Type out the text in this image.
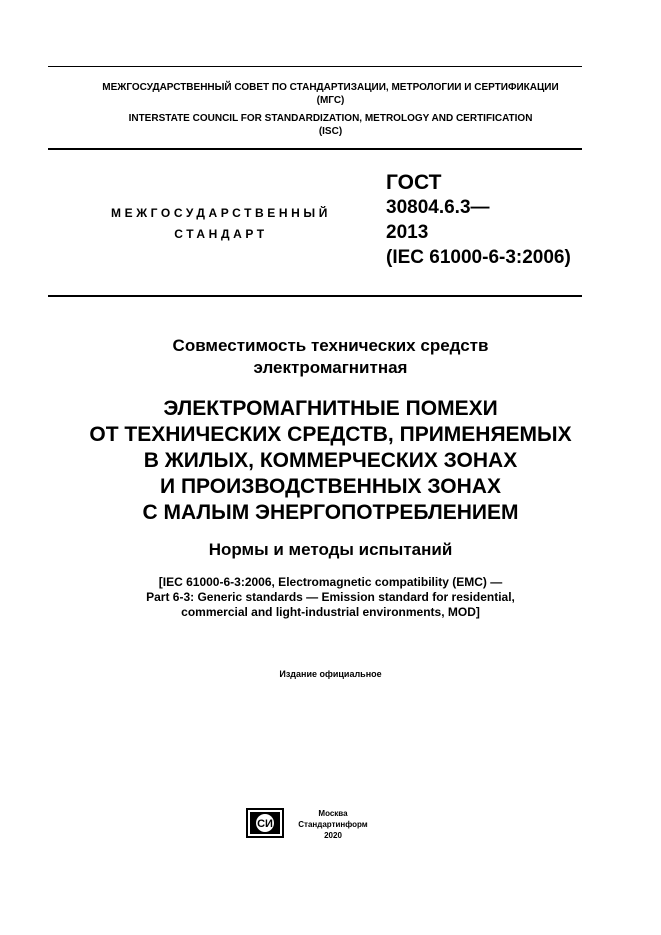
МЕЖГОСУДАРСТВЕННЫЙ СОВЕТ ПО СТАНДАРТИЗАЦИИ, МЕТРОЛОГИИ И СЕРТИФИКАЦИИ
(МГС)
INTERSTATE COUNCIL FOR STANDARDIZATION, METROLOGY AND CERTIFICATION
(ISC)
МЕЖГОСУДАРСТВЕННЫЙ
СТАНДАРТ
ГОСТ
30804.6.3—
2013
(IEC 61000-6-3:2006)
Совместимость технических средств
электромагнитная
ЭЛЕКТРОМАГНИТНЫЕ ПОМЕХИ
ОТ ТЕХНИЧЕСКИХ СРЕДСТВ, ПРИМЕНЯЕМЫХ
В ЖИЛЫХ, КОММЕРЧЕСКИХ ЗОНАХ
И ПРОИЗВОДСТВЕННЫХ ЗОНАХ
С МАЛЫМ ЭНЕРГОПОТРЕБЛЕНИЕМ
Нормы и методы испытаний
[IEC 61000-6-3:2006, Electromagnetic compatibility (EMC) —
Part 6-3: Generic standards — Emission standard for residential,
commercial and light-industrial environments, MOD]
Издание официальное
СИ
Москва
Стандартинформ
2020
